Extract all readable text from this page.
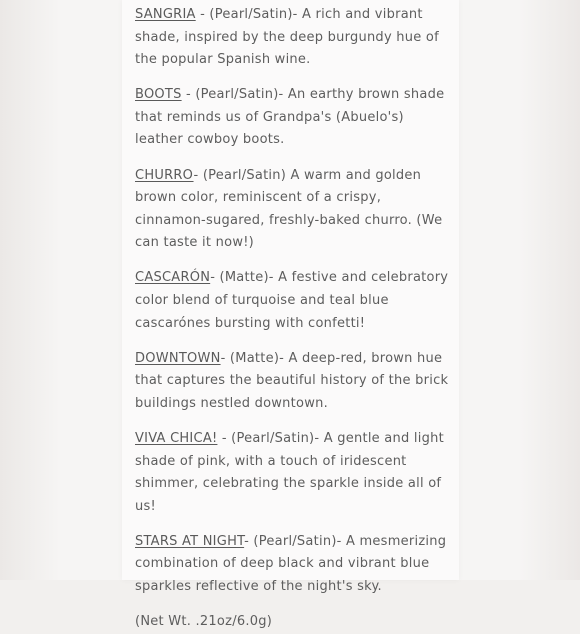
SANGRIA - (Pearl/Satin)- A rich and vibrant shade, inspired by the deep burgundy hue of the popular Spanish wine.

BOOTS - (Pearl/Satin)- An earthy brown shade that reminds us of Grandpa's (Abuelo's) leather cowboy boots.

CHURRO- (Pearl/Satin) A warm and golden brown color, reminiscent of a crispy, cinnamon-sugared, freshly-baked churro. (We can taste it now!)

CASCARÓN- (Matte)- A festive and celebratory color blend of turquoise and teal blue cascarónes bursting with confetti!

DOWNTOWN- (Matte)- A deep-red, brown hue that captures the beautiful history of the brick buildings nestled downtown.

VIVA CHICA! - (Pearl/Satin)- A gentle and light shade of pink, with a touch of iridescent shimmer, celebrating the sparkle inside all of us!

STARS AT NIGHT- (Pearl/Satin)- A mesmerizing combination of deep black and vibrant blue sparkles reflective of the night's sky.

(Net Wt. .21oz/6.0g)
